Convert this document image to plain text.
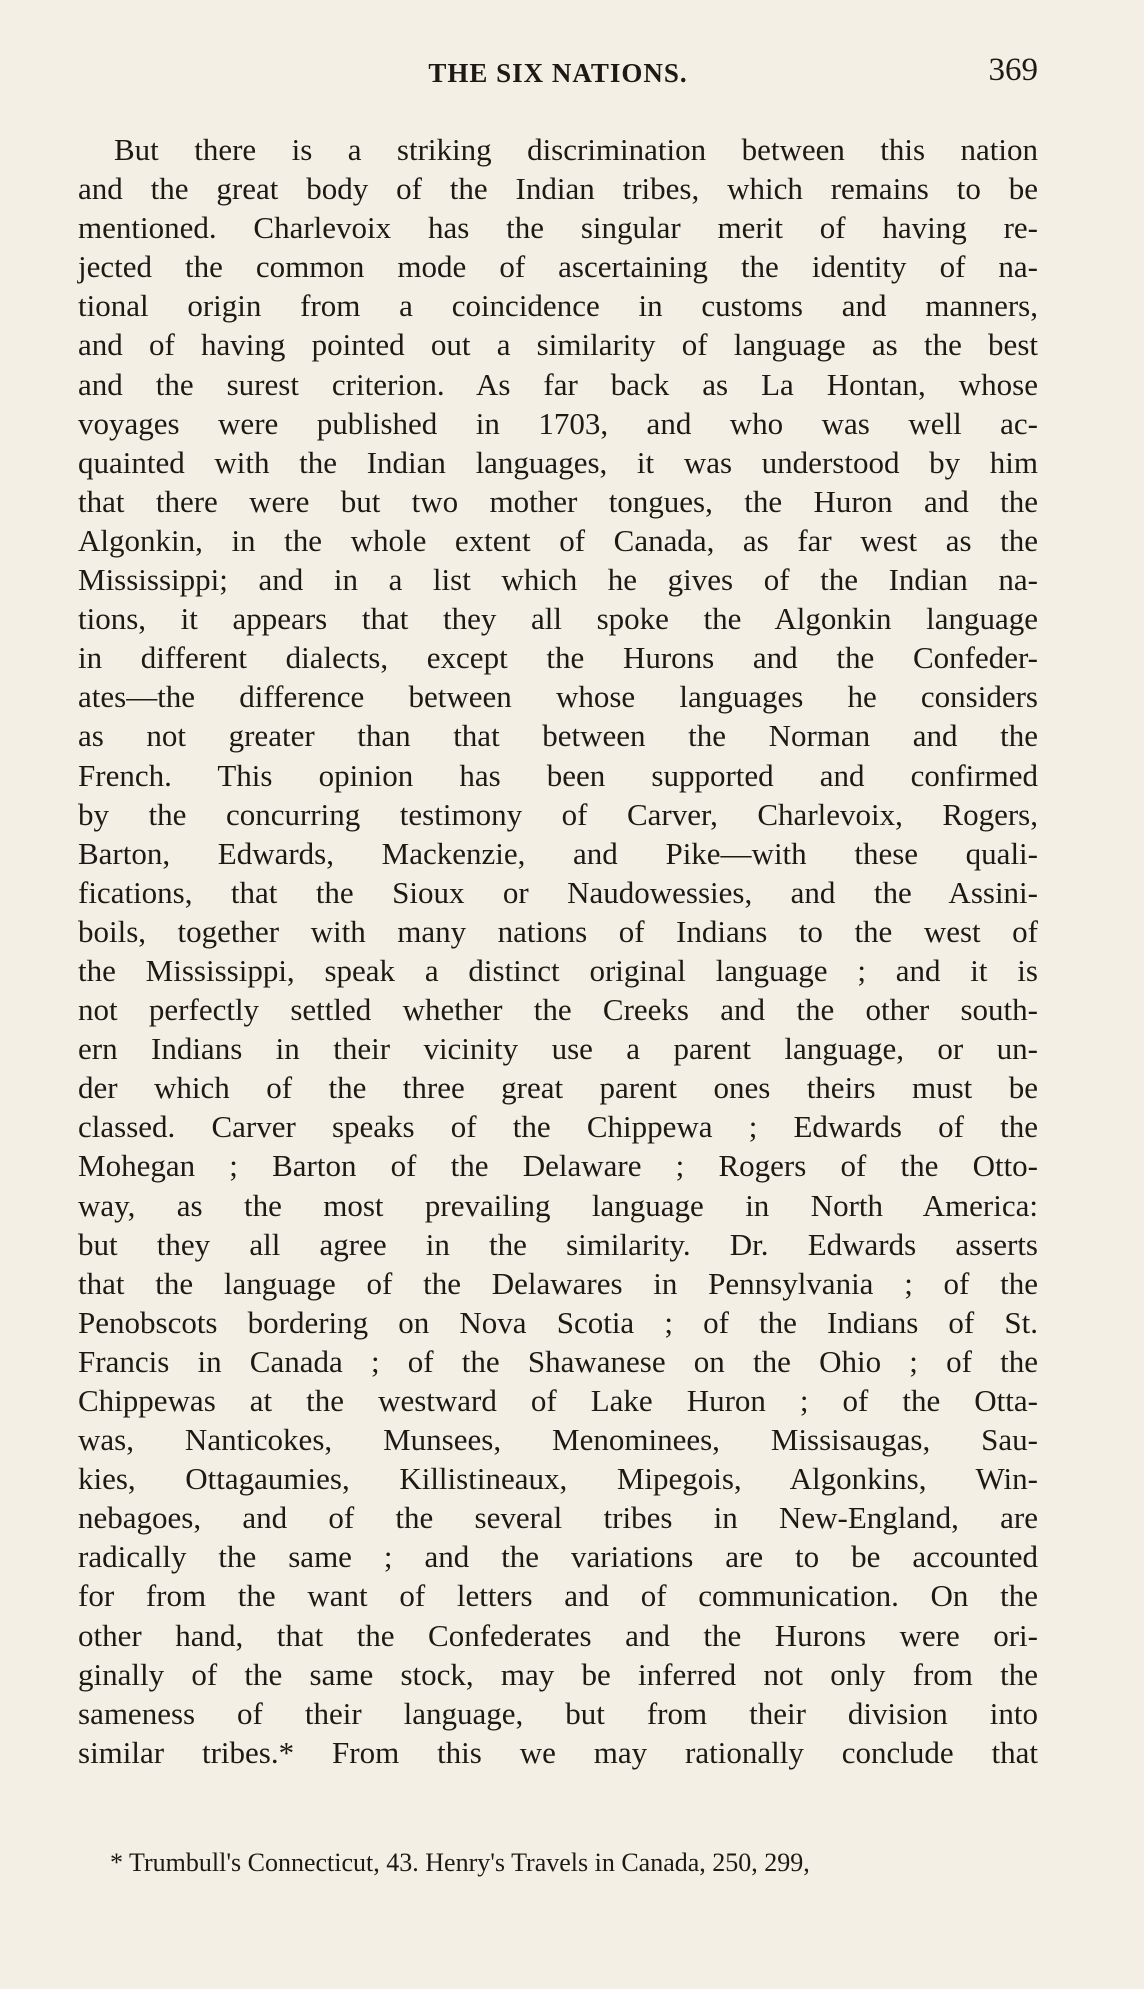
THE SIX NATIONS.	369
But there is a striking discrimination between this nation
and the great body of the Indian tribes, which remains to be
mentioned. Charlevoix has the singular merit of having re-
jected the common mode of ascertaining the identity of na-
tional origin from a coincidence in customs and manners,
and of having pointed out a similarity of language as the best
and the surest criterion. As far back as La Hontan, whose
voyages were published in 1703, and who was well ac-
quainted with the Indian languages, it was understood by him
that there were but two mother tongues, the Huron and the
Algonkin, in the whole extent of Canada, as far west as the
Mississippi; and in a list which he gives of the Indian na-
tions, it appears that they all spoke the Algonkin language
in different dialects, except the Hurons and the Confeder-
ates—the difference between whose languages he considers
as not greater than that between the Norman and the
French. This opinion has been supported and confirmed
by the concurring testimony of Carver, Charlevoix, Rogers,
Barton, Edwards, Mackenzie, and Pike—with these quali-
fications, that the Sioux or Naudowessies, and the Assini-
boils, together with many nations of Indians to the west of
the Mississippi, speak a distinct original language ; and it is
not perfectly settled whether the Creeks and the other south-
ern Indians in their vicinity use a parent language, or un-
der which of the three great parent ones theirs must be
classed. Carver speaks of the Chippewa ; Edwards of the
Mohegan ; Barton of the Delaware ; Rogers of the Otto-
way, as the most prevailing language in North America:
but they all agree in the similarity. Dr. Edwards asserts
that the language of the Delawares in Pennsylvania ; of the
Penobscots bordering on Nova Scotia ; of the Indians of St.
Francis in Canada ; of the Shawanese on the Ohio ; of the
Chippewas at the westward of Lake Huron ; of the Otta-
was, Nanticokes, Munsees, Menominees, Missisaugas, Sau-
kies, Ottagaumies, Killistineaux, Mipegois, Algonkins, Win-
nebagoes, and of the several tribes in New-England, are
radically the same ; and the variations are to be accounted
for from the want of letters and of communication. On the
other hand, that the Confederates and the Hurons were ori-
ginally of the same stock, may be inferred not only from the
sameness of their language, but from their division into
similar tribes.* From this we may rationally conclude that
* Trumbull's Connecticut, 43. Henry's Travels in Canada, 250, 299,
